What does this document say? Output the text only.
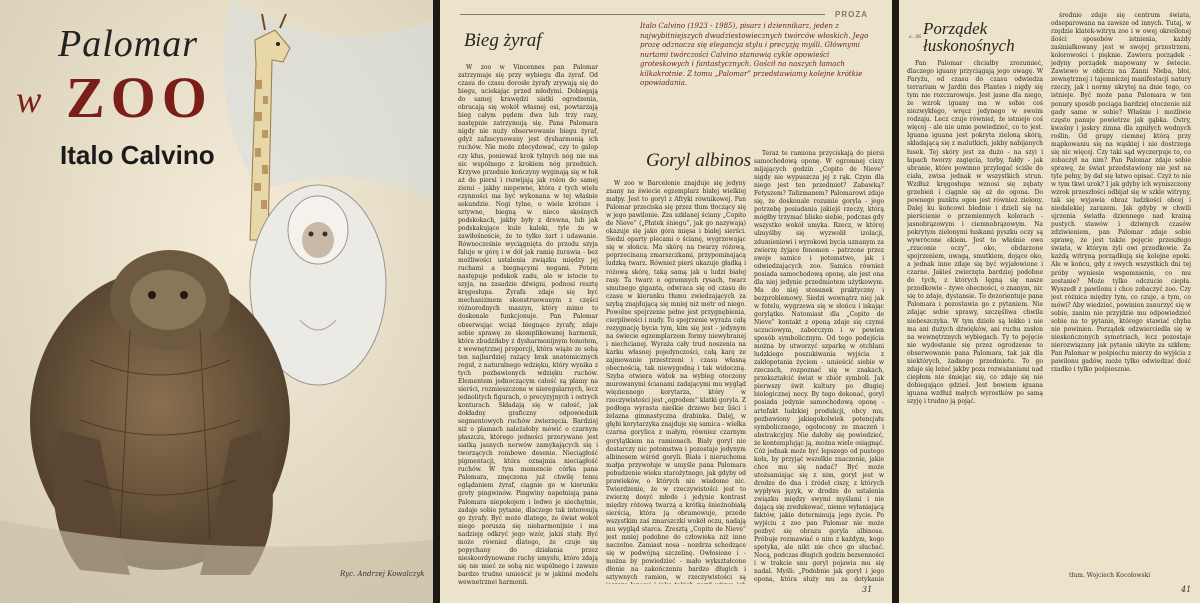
Palomar
w ZOO
Italo Calvino
Ryc. Andrzej Kowalczyk
PROZA
Italo Calvino (1923 - 1985), pisarz i dziennikarz, jeden z najwybitniejszych dwudziestowiecznych twórców włoskich. Jego prozę odznacza się elegancja stylu i precyzją myśli. Głównymi nurtami twórczości Calvino stanowią cykle opowieści groteskowych i fantastycznych. Gościł na naszych łamach kilkakrotnie. Z tomu „Palomar” przedstawiamy kolejne krótkie opowiadania.
Bieg żyraf
Goryl albinos

W zoo w Vincennes pan Palomar zatrzymuje się przy wybiegu dla żyraf. Od czasu do czasu dorosłe żyrafy zrywają się do biegu, uciekając przed młodymi. Dobiegają do samej krawędzi siatki ogrodzenia, obracają się wokół własnej osi, powtarzają bieg całym pędem dwa lub trzy razy, następnie zatrzymują się. Pana Palomara nigdy nie nuży obserwowanie biegu żyraf, gdyż zafascynowany jest dysharmonią ich ruchów. Nie może zdecydować, czy to galop czy kłus, ponieważ krok tylnych nóg nie ma nic wspólnego z krokiem nóg przednich. Krzywe przednie kończyny wyginają się w łuk aż do piersi i rozwijają jak rolon do samej ziemi - jakby niepewne, która z tych wielu czynności ma być wykonana w tej właśnie sekundzie. Nogi tylne, o wiele krótsze i sztywne, biegną w nieco skośnych podskokach, jakby były z drewna, lub jak podskakujące kule kaleki, tyle że w zawiłośnoście, że to tylko żart i udawanie. Równocześnie wyciągnięta do przodu szyja faluje w górę i w dół jak ramię żurawia - bez możliwości ustalenia związku między jej ruchami a biegnącymi nogami. Potem następuje podskok zadu, ale w istocie to szyja, na zasadzie dźwigni, podnosi resztę kręgosłupa. Żyrafa zdaje się być mechanizmem skonstruowanym z części różnorodnych maszyn, który mimo to doskonale funkcjonuje. Pan Palomar obserwując wciąż biegnące żyrafy, zdaje sobie sprawę ze skomplikowanej harmonii, która zbudziłaby z dysharmonijnym łomotem, z wewnętrznej proporcji, która wiąże ze sobą ten najbardziej rażący brak anatomicznych reguł, z naturalnego wdzięku, który wynika z tych pozbawionych wdzięku ruchów. Elementem jednoczącym całość są plamy na sierści, rozmieszczone w nieregularnych, lecz jednolitych figurach, o precyzyjnych i ostrych konturach. Składają się w całość, jak dokładny graficzny odpowiednik segmentowych ruchów zwierzęcia. Bardziej niż o plamach należałoby mówić o czarnym płaszczu, którego jedności przerywane jest siatką jasnych nerwów zamykających się i tworzących rombowe desenie. Nieciągłość pigmentacji, która oznajmia nieciągłość ruchów. W tym momencie córka pana Palomara, zmęczona już chwilę temu oglądaniem żyraf, ciągnie go w kierunku groty pingwinów. Pingwiny napełniają pana Palomara niepokojem i ledwo je niechętnie, zadaje sobie pytanie, dlaczego tak interesują go żyrafy. Być może dlatego, że świat wokół niego porusza się nieharmonijnie i ma nadzieję odkryć jego wzór, jakiś stały. Być może również dlatego, że czuje się popychany do działania przez nieskoordynowane ruchy umysłu, które zdają się nie mieć ze sobą nic wspólnego i zawsze bardzo trudno umieścić je w jakimś modelu wewnętrznej harmonii.

W zoo w Barcelonie znajduje się jedyny znany na świecie egzemplarz białej wielkiej małpy. Jest to goryl z Afryki równikowej. Pan Palomar przeciska się przez tłum tłoczący się w jego pawilonie. Zza szklanej ściany „Copito de Nieve” („Płatek śniegu”, jak go nazywają) okazuje się jako góra mięsa i białej sierści. Siedzi oparty plecami o ścianę, wygrzewając się w słońcu. Ma skórę na twarzy różową, poprzecinaną zmarszczkami, przypominającą ludzką twarz. Również pierś ukazuje gładką i różową skórę, taką samą jak u ludzi białej rasy. Ta twarz o ogromnych rysach, twarz smutnego giganta, odwraca się od czasu do czasu w kierunku tłumu zwiedzających za szybą znajdującą się mniej niż metr od niego. Powolne spojrzenie pełne jest przygnębienia, cierpliwości i nudy. To spojrzenie wyraża całą rezygnację bycia tym, kim się jest - jedynym na świecie egzemplarzem formy niewybranej i niechcianej. Wyraża cały trud noszenia na karku własnej pojedynczości, całą karę ze zajmowanie przestrzeni i czasu własną obecnością, tak niewygodną i tak widoczną. Szyba otwiera widok na wybieg otoczony murowanymi ścianami zadającymi mu wygląd więziennego korytarza, który w rzeczywistości jest „ogrodem” klatki goryla. Z podłoga wyrasta nieśkie drzewo bez liści i żelazna gimnastyczna drabinka. Dalej, w głębi korytarzyka znajduje się samica - wielka czarna gorylica z małym, równiez czarnym gorylątkiem na ramionach. Biały goryl nie dostarczy nic potomstwa i pozostaje jedynym albinosem wśród goryli. Biała i nieruchoma małpa przywołuje w umyśle pana Palomara pobudzenie wieku starożytnego, jak gdyby od prawieków, o których nie wiadomo nic. Twierdzenie, że w rzeczywistości jest to zwierzę dosyć młode i jedynie kontrast między różową twarzą a krótką śnieżnobiałą sierścią, która ją obramowuje, przede wszystkim zaś zmarszczki wokół oczu, nadają mu wygląd starca. Zresztą „Copito de Nieve” jest mniej podobne do człowieka niż inne naczelne. Zamiast nosa - nozdrza schodzące się w podwójną szczelinę. Owłosione i - można by powiedzieć - mało wykształcone dłonie na zakończeniu bardzo długich i sztywnych ramion, w rzeczywistości są

Teraz te ramiona przyciskają do piersi samochodową oponę. W ogromnej ciszy mijających godzin „Copito de Nieve” nigdy nie wypuszcza jej z rąk. Czym dla niego jest ten przedmiot? Zabawką? Fetyszem? Talizmanem? Palomarowi zdaje się, że doskonale rozumie goryla - jego potrzebę posiadania jakiejś rzeczy, którą mógłby trzymać blisko siebie, podczas gdy wszystko wokół umyka. Rzecz, w której ulmyślby się wyzwolił izolacji, zdumieniowi i wyrokowi bycia uznanym za zwierzę żyjące fenomen - patrzone przez swoje samice i potomstwo, jak i odwiedzających zoo. Samica również posiada samochodową oponę, ale jest ona dla niej jedynie przedmiotem użytkowym. Ma do niej stosunek praktyczny i bezproblemowy. Siedzi wewnątrz niej jak w fotelu, wygrzewa się w słońcu i iskając gorylątko. Natomiast dla „Copito de Nieve” kontakt z oponą zdaje się czymś uczuciowym, zaborczym i w pewien sposób symbolicznym. Od tego podejścia można by utworzyć szparkę w otchłani ludzkiego poszukiwania wyjścia z zakłopotania życiem - umieścić siebie w rzeczach, rozpoznać się w znakach, przekształcić świat w zbiór symboli. Jak pierwszy świt kultury po długiej biologicznej nocy. By tego dokonać, goryl posiada jedynie samochodową oponę - artefakt ludzkiej produkcji, obcy mu, pozbawiony jakiegokolwiek potencjału symbolicznego, ogołocony ze znaczeń i abstrakcyjny. Nie dałoby się powiedzieć, że kontemplując ją, można wiele osiągnąć. Cóż jednak może być lepszego od pustego koła, by przyjąć wszelkie znaczenie, jakie chce mu się nadać? Być może utożsamiając się z nim, goryl jest w drodze do dna i źródeł ciszy, z których wypływa język, w drodze do ustalenia związku między swymi myślami i nie dającą się zredukować, nieme wyłaniającą faktów, jakie determinują jego życie. Po wyjściu z zoo pan Palomar nie może pozbyć się obrazu goryla albinosa. Próbuje rozmawiać o nim z każdym, kogo spotyka, ale nikt nie chce go słuchać. Nocą, podczas długich godzin bezsenności i w trakcie snu goryl pojawia mu się nadal. Myśli: „Podobnie jak goryl i jego opona, która służy mu za dotykanie

31
s. 36 Porządek łuskonośnych

Pan Palomar chciałby zrozumieć, dlaczego iguany przyciągają jego uwagę. W Paryżu, od czasu do czasu odwiedza terrarium w Jardin des Plantes i nigdy się tym nie rozczarowuje. Jest jasne dla niego, że wzrok iguany ma w sobie coś niezwykłego, wręcz jedynego w swoim rodzaju. Lecz czuje również, że istnieje coś więcej - ale nie umie powiedzieć, co to jest. Iguana iguana jest pokryta zieloną skórą, składającą się z malutkich, jakby nabijanych łusek. Tej skóry jest za dużo - na szyi i łapach tworzy zagięcia, torby, fałdy - jak ubranie, które powinno przylegać ściśle do ciała, zwisa jednak w wszystkich strun. Wzdłuż kręgosłupa wznosi się zębaty grzebień i ciągnie się aż do ogona. Do pewnego punktu ogon jest również zielony. Dalej ku końcowi blednie i dzieli się na pierścienie o przemiennych kolorach - jasnobrązowym i ciemnobrązowym. Na pokrytym zielonymi łuskami pyszku oczy są wywrócone okiem. Jest to właśnie owo „rzuconie oczy”, oko, obdarzone spojrzeniem, uwagą, smutkiem, dojące oko, a jednak inne zdaje się być wyjałowione i czarne. Jakieś zwierzęta bardziej podobne do tych, z których lęgną się nasze przodkowie - żywe obecności, o znanym, nic się to zdaje, dystansie. To dezorientuje pana Palomara i pozostawia go z pytaniem. Nie zdając sobie sprawy, szczęśliwa chwila nieboszczyka. W tym dziele są lekko i nie ma ani dużych dźwięków, ani ruchu zasłon na wewnętrznych wybiegach. Ty to pojęcie nie wydostanie się przez ogrodzenie to obserwowanie pana Palomara, tak jak dla niektórych, żadnego przedmiotu. To go zdaje się leżeć jakby poza rozważaniami nad ciepłem nie śmiejąc się, co zdaje się nie dobiegające gdzieś. Jest bowiem iguana iguana wzdłuż małych wyrostków po samą szyję i trudno ją pojąć.

średnio zdaje się centrum świata, odseparowana na zawsze od innych. Tutaj, w rzędzie klatek-witryn zoo i w owej określonej ilości sposobów istnienia, każdy zaśmiałkowany jest w swojej przestrzeni, kolorowości i pięknie. Zawiera porządek - jedyny porządek mapowany w świecie. Zawiewo w obliczu na Zanni Nieba, błoi, zewnętrznej i tajemniczej manifestacji natury rzeczy, jak i normy ukrytej na dnie tego, co istnieje. Być może pana Palomara w ten ponury sposób pociąga bardziej otoczenie niż gady same w sobie? Właśnie i możliwie często panuje powietrze jak gąbka. Ostry, kwaśny i jaskry zimna dla zgniłych wodnych roślin. Od grupy ciemnej którą przy mąpkowaniu się na wąskiej i nie dostrzega się nic więcej. Czy taki sąd wyczerpuje to, co zobaczył na nim? Pan Palomar zdaje sobie sprawę, że świat przedstawiony nie jest na tyle pełny, by dał się łatwo opisać. Czyż to nie w tym tkwi urok? I jak gdyby ich wyniszczony wzrok przeszłości odbijał się w szkle witryny, tak się wyjawia obraz ludzkości obcej i niedalekiej zarazem. Jak gdyby w chwili ujrzenia światła dziennego nad krainą pustych stawów i dziwnych czasów zdziwieniem, pan Palomar zdaje sobie sprawę, że jest także pojęcie przeszłego świata, w którym żyli owi przodkowie. Za każdą witryną porządkują się kolejne epoki. Ale w końcu, gdy z owych wszystkich dni tej próby wyniesie wspomnienie, co mu zostanie? Może tylko odczucie ciepła. Wyszedł z pawilonu i chce zobaczyć zoo. Czy jest różnica między tym, co czuje, a tym, co mówi? Aby wiedzieć, powinien zanurzyć się w sobie, zanim nie przyjdzie mu odpowiedzieć sobie na to pytanie, którego stawiać chyba nie powinien. Porządek odzwierciedla się w nieskończonych symetriach, lecz pozostaje nierozwiązany jak pytanie ukryte za szkłem; Pan Palomar w pośpiechu mierzy do wyjścia z pawilonu gadów, może tylko odwiedzać dość rzadko i tylko pośpiesznie.

tłum. Wojciech Kocołowski
41
